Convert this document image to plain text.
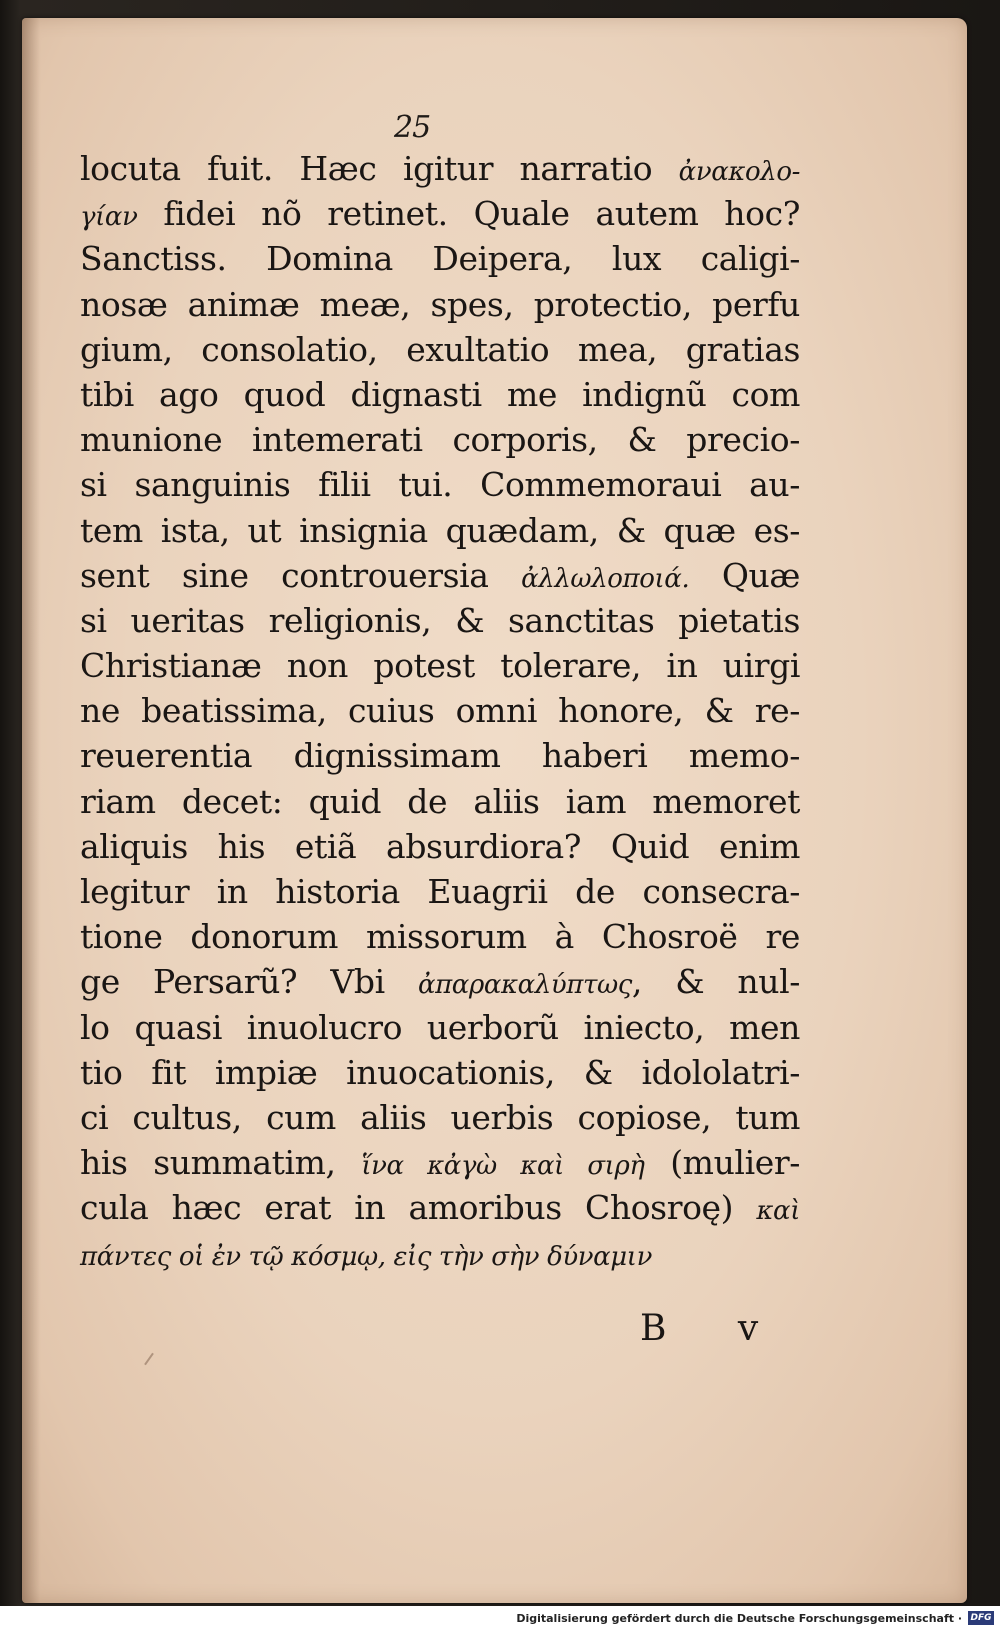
25
locuta fuit. Hæc igitur narratio ἀνακολο-
γίαν fidei nõ retinet. Quale autem hoc?
Sanctiss. Domina Deipera, lux caligi-
nosæ animæ meæ, spes, protectio, perfu
gium, consolatio, exultatio mea, gratias
tibi ago quod dignasti me indignũ com
munione intemerati corporis, & precio-
si sanguinis filii tui. Commemoraui au-
tem ista, ut insignia quædam, & quæ es-
sent sine controuersia ἀλλωλοποιά. Quæ
si ueritas religionis, & sanctitas pietatis
Christianæ non potest tolerare, in uirgi
ne beatissima, cuius omni honore, & re-
reuerentia dignissimam haberi memo-
riam decet: quid de aliis iam memoret
aliquis his etiã absurdiora? Quid enim
legitur in historia Euagrii de consecra-
tione donorum missorum à Chosroë re
ge Persarũ? Vbi ἀπαρακαλύπτως, & nul-
lo quasi inuolucro uerborũ iniecto, men
tio fit impiæ inuocationis, & idololatri-
ci cultus, cum aliis uerbis copiose, tum
his summatim, ἵνα κἀγὼ καὶ σιρὴ (mulier-
cula hæc erat in amoribus Chosroę) καὶ
πάντες οἱ ἐν τῷ κόσμῳ, εἰς τὴν σὴν δύναμιν
B v
Digitalisierung gefördert durch die Deutsche Forschungsgemeinschaft · DFG
